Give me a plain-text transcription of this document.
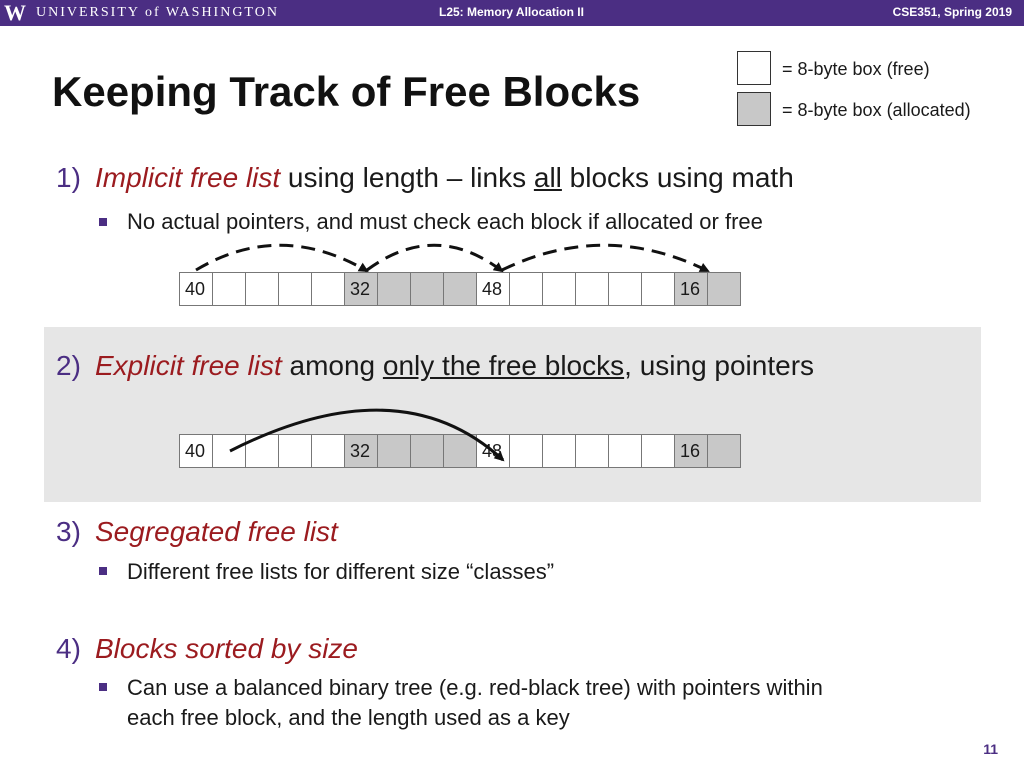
W UNIVERSITY of WASHINGTON	L25: Memory Allocation II	CSE351, Spring 2019
Keeping Track of Free Blocks	= 8-byte box (free)
= 8-byte box (allocated)
1) Implicit free list using length – links all blocks using math
No actual pointers, and must check each block if allocated or free
40	32	48	16
2) Explicit free list among only the free blocks, using pointers
40	32	48	16
3) Segregated free list
Different free lists for different size “classes”
4) Blocks sorted by size
Can use a balanced binary tree (e.g. red-black tree) with pointers within
each free block, and the length used as a key
11
